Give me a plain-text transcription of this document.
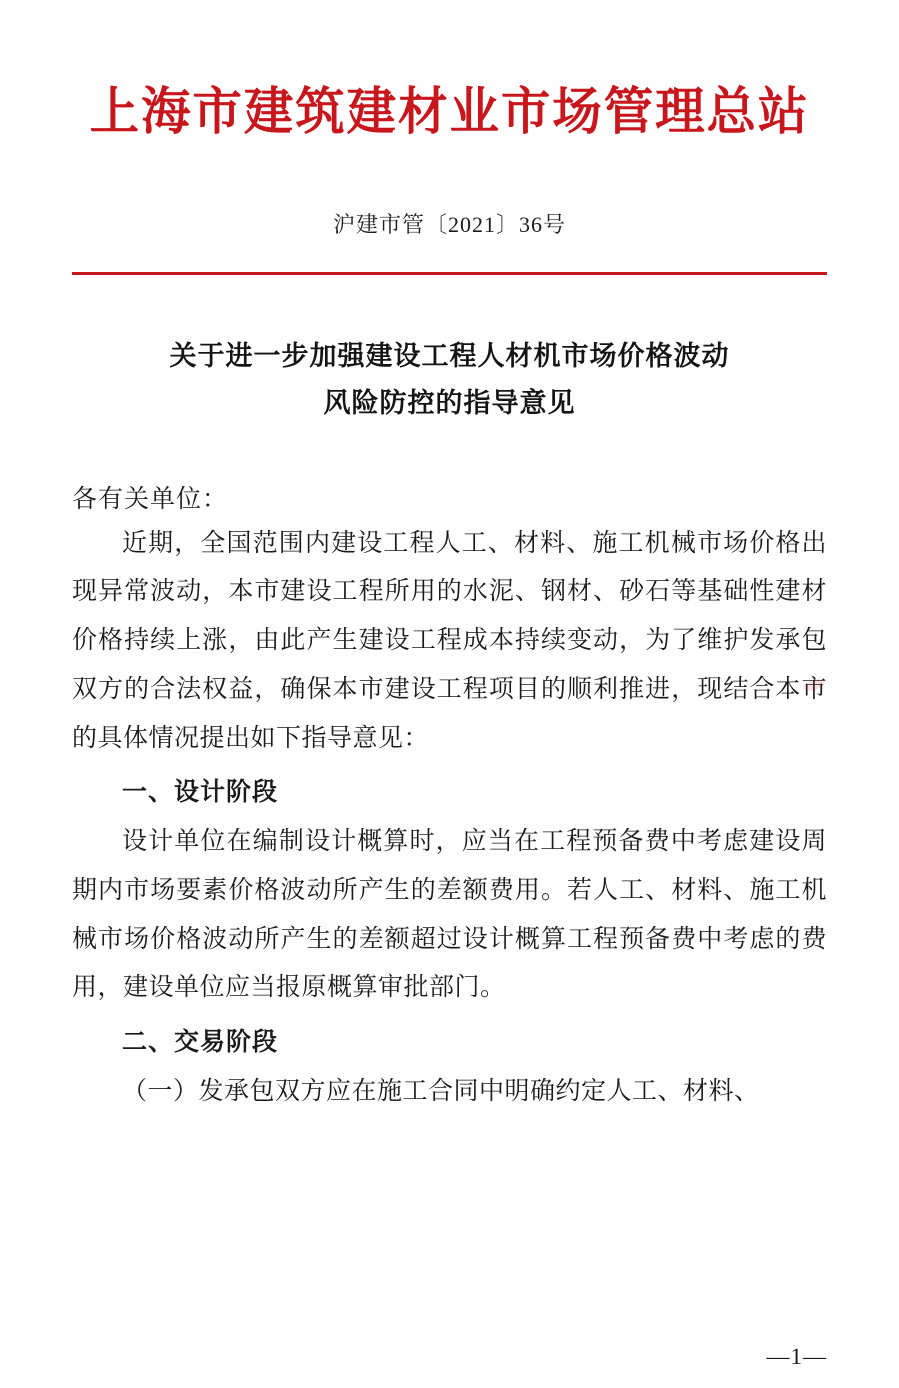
上海市建筑建材业市场管理总站
沪建市管〔2021〕36号
关于进一步加强建设工程人材机市场价格波动
风险防控的指导意见
各有关单位：

近期，全国范围内建设工程人工、材料、施工机械市场价格出现异常波动，本市建设工程所用的水泥、钢材、砂石等基础性建材价格持续上涨，由此产生建设工程成本持续变动，为了维护发承包双方的合法权益，确保本市建设工程项目的顺利推进，现结合本市的具体情况提出如下指导意见：

一、设计阶段

设计单位在编制设计概算时，应当在工程预备费中考虑建设周期内市场要素价格波动所产生的差额费用。若人工、材料、施工机械市场价格波动所产生的差额超过设计概算工程预备费中考虑的费用，建设单位应当报原概算审批部门。

二、交易阶段

（一）发承包双方应在施工合同中明确约定人工、材料、

—1—
